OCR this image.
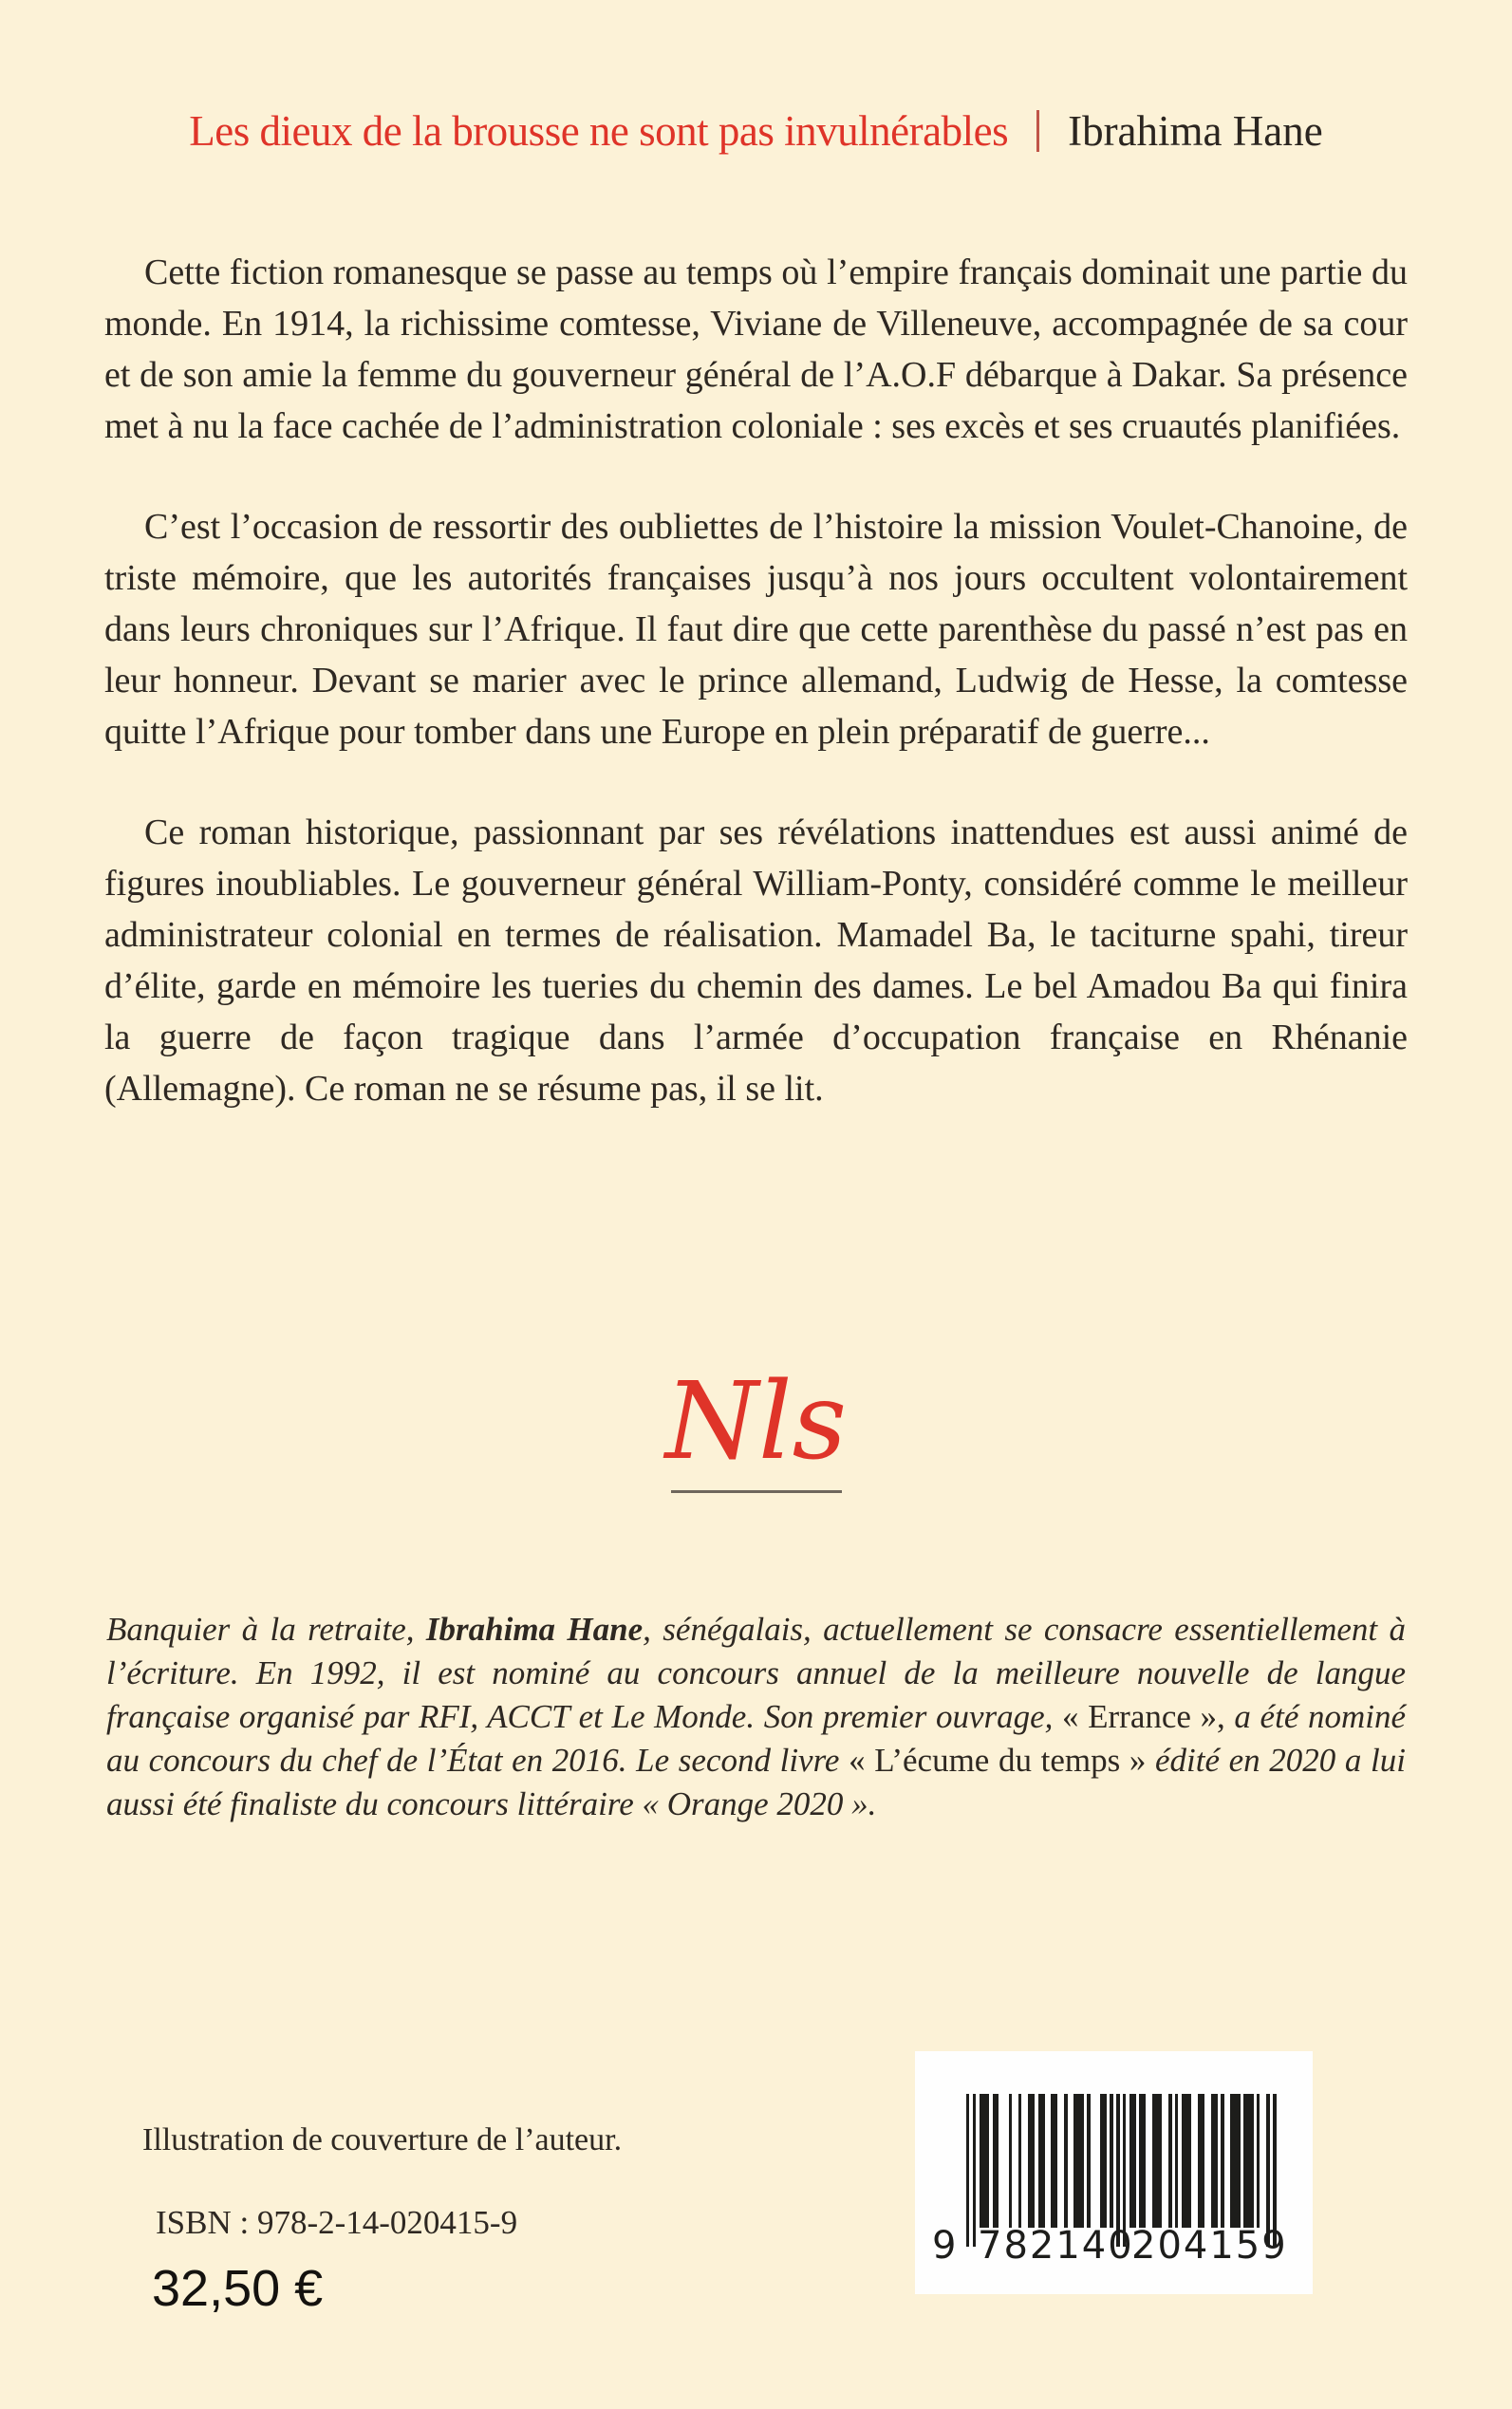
Les dieux de la brousse ne sont pas invulnérables Ibrahima Hane

Cette fiction romanesque se passe au temps où l’empire français dominait une partie du monde. En 1914, la richissime comtesse, Viviane de Villeneuve, accompagnée de sa cour et de son amie la femme du gouverneur général de l’A.O.F débarque à Dakar. Sa présence met à nu la face cachée de l’administration coloniale : ses excès et ses cruautés planifiées.

C’est l’occasion de ressortir des oubliettes de l’histoire la mission Voulet-Chanoine, de triste mémoire, que les autorités françaises jusqu’à nos jours occultent volontairement dans leurs chroniques sur l’Afrique. Il faut dire que cette parenthèse du passé n’est pas en leur honneur. Devant se marier avec le prince allemand, Ludwig de Hesse, la comtesse quitte l’Afrique pour tomber dans une Europe en plein préparatif de guerre...

Ce roman historique, passionnant par ses révélations inattendues est aussi animé de figures inoubliables. Le gouverneur général William-Ponty, considéré comme le meilleur administrateur colonial en termes de réalisation. Mamadel Ba, le taciturne spahi, tireur d’élite, garde en mémoire les tueries du chemin des dames. Le bel Amadou Ba qui finira la guerre de façon tragique dans l’armée d’occupation française en Rhénanie (Allemagne). Ce roman ne se résume pas, il se lit.

Nls
Banquier à la retraite, Ibrahima Hane, sénégalais, actuellement se consacre essentiellement à l’écriture. En 1992, il est nominé au concours annuel de la meilleure nouvelle de langue française organisé par RFI, ACCT et Le Monde. Son premier ouvrage, « Errance », a été nominé au concours du chef de l’État en 2016. Le second livre « L’écume du temps » édité en 2020 a lui aussi été finaliste du concours littéraire « Orange 2020 ».
Illustration de couverture de l’auteur.
ISBN : 978-2-14-020415-9
32,50 €
9 782140
204159
